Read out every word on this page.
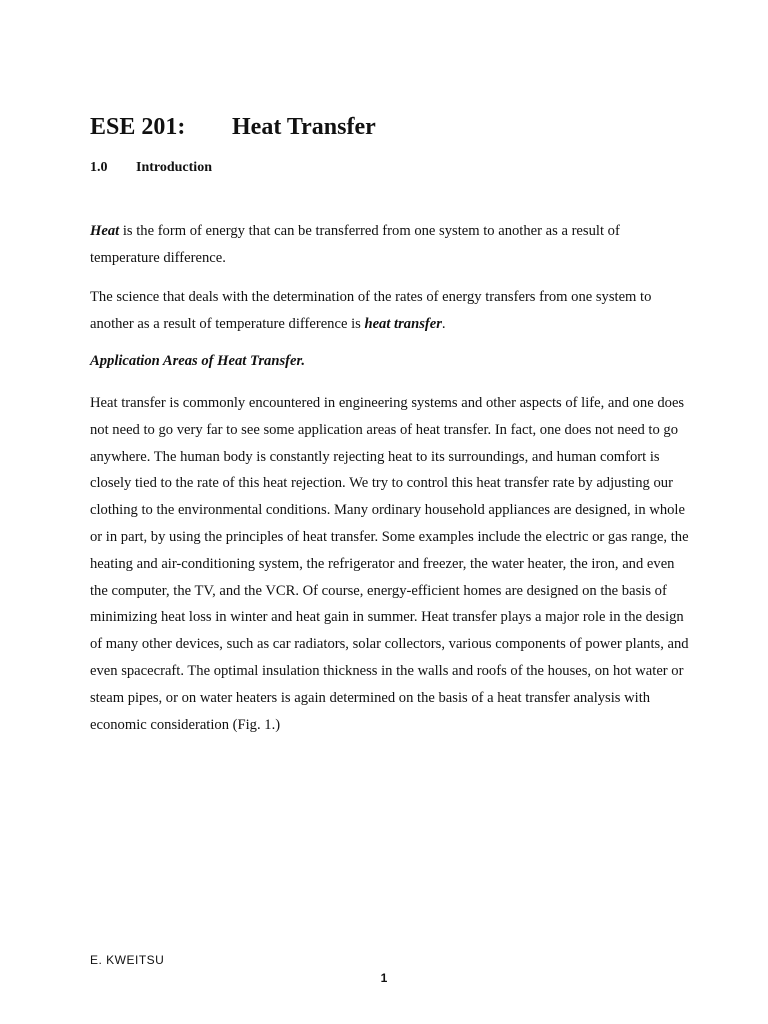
ESE 201: Heat Transfer
1.0 Introduction

Heat is the form of energy that can be transferred from one system to another as a result of temperature difference.

The science that deals with the determination of the rates of energy transfers from one system to another as a result of temperature difference is heat transfer.

Application Areas of Heat Transfer.

Heat transfer is commonly encountered in engineering systems and other aspects of life, and one does not need to go very far to see some application areas of heat transfer. In fact, one does not need to go anywhere. The human body is constantly rejecting heat to its surroundings, and human comfort is closely tied to the rate of this heat rejection. We try to control this heat transfer rate by adjusting our clothing to the environmental conditions. Many ordinary household appliances are designed, in whole or in part, by using the principles of heat transfer. Some examples include the electric or gas range, the heating and air-conditioning system, the refrigerator and freezer, the water heater, the iron, and even the computer, the TV, and the VCR. Of course, energy-efficient homes are designed on the basis of minimizing heat loss in winter and heat gain in summer. Heat transfer plays a major role in the design of many other devices, such as car radiators, solar collectors, various components of power plants, and even spacecraft. The optimal insulation thickness in the walls and roofs of the houses, on hot water or steam pipes, or on water heaters is again determined on the basis of a heat transfer analysis with economic consideration (Fig. 1.)

E. KWEITSU
1
